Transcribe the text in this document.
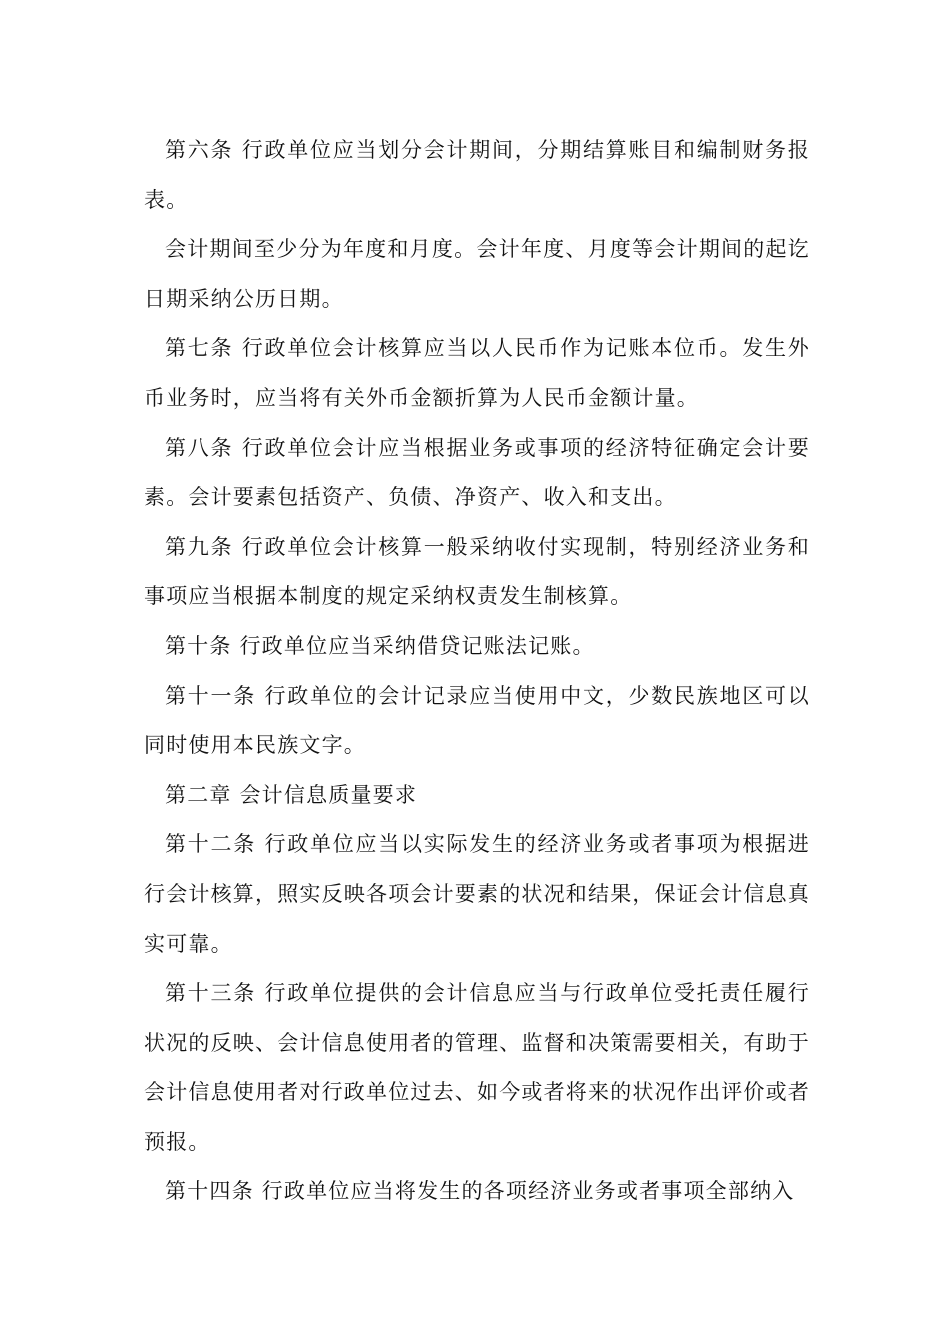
第六条 行政单位应当划分会计期间，分期结算账目和编制财务报表。

会计期间至少分为年度和月度。会计年度、月度等会计期间的起讫日期采纳公历日期。

第七条 行政单位会计核算应当以人民币作为记账本位币。发生外币业务时，应当将有关外币金额折算为人民币金额计量。

第八条 行政单位会计应当根据业务或事项的经济特征确定会计要素。会计要素包括资产、负债、净资产、收入和支出。

第九条 行政单位会计核算一般采纳收付实现制，特别经济业务和事项应当根据本制度的规定采纳权责发生制核算。

第十条 行政单位应当采纳借贷记账法记账。

第十一条 行政单位的会计记录应当使用中文，少数民族地区可以同时使用本民族文字。

第二章 会计信息质量要求

第十二条 行政单位应当以实际发生的经济业务或者事项为根据进行会计核算，照实反映各项会计要素的状况和结果，保证会计信息真实可靠。

第十三条 行政单位提供的会计信息应当与行政单位受托责任履行状况的反映、会计信息使用者的管理、监督和决策需要相关，有助于会计信息使用者对行政单位过去、如今或者将来的状况作出评价或者预报。

第十四条 行政单位应当将发生的各项经济业务或者事项全部纳入
